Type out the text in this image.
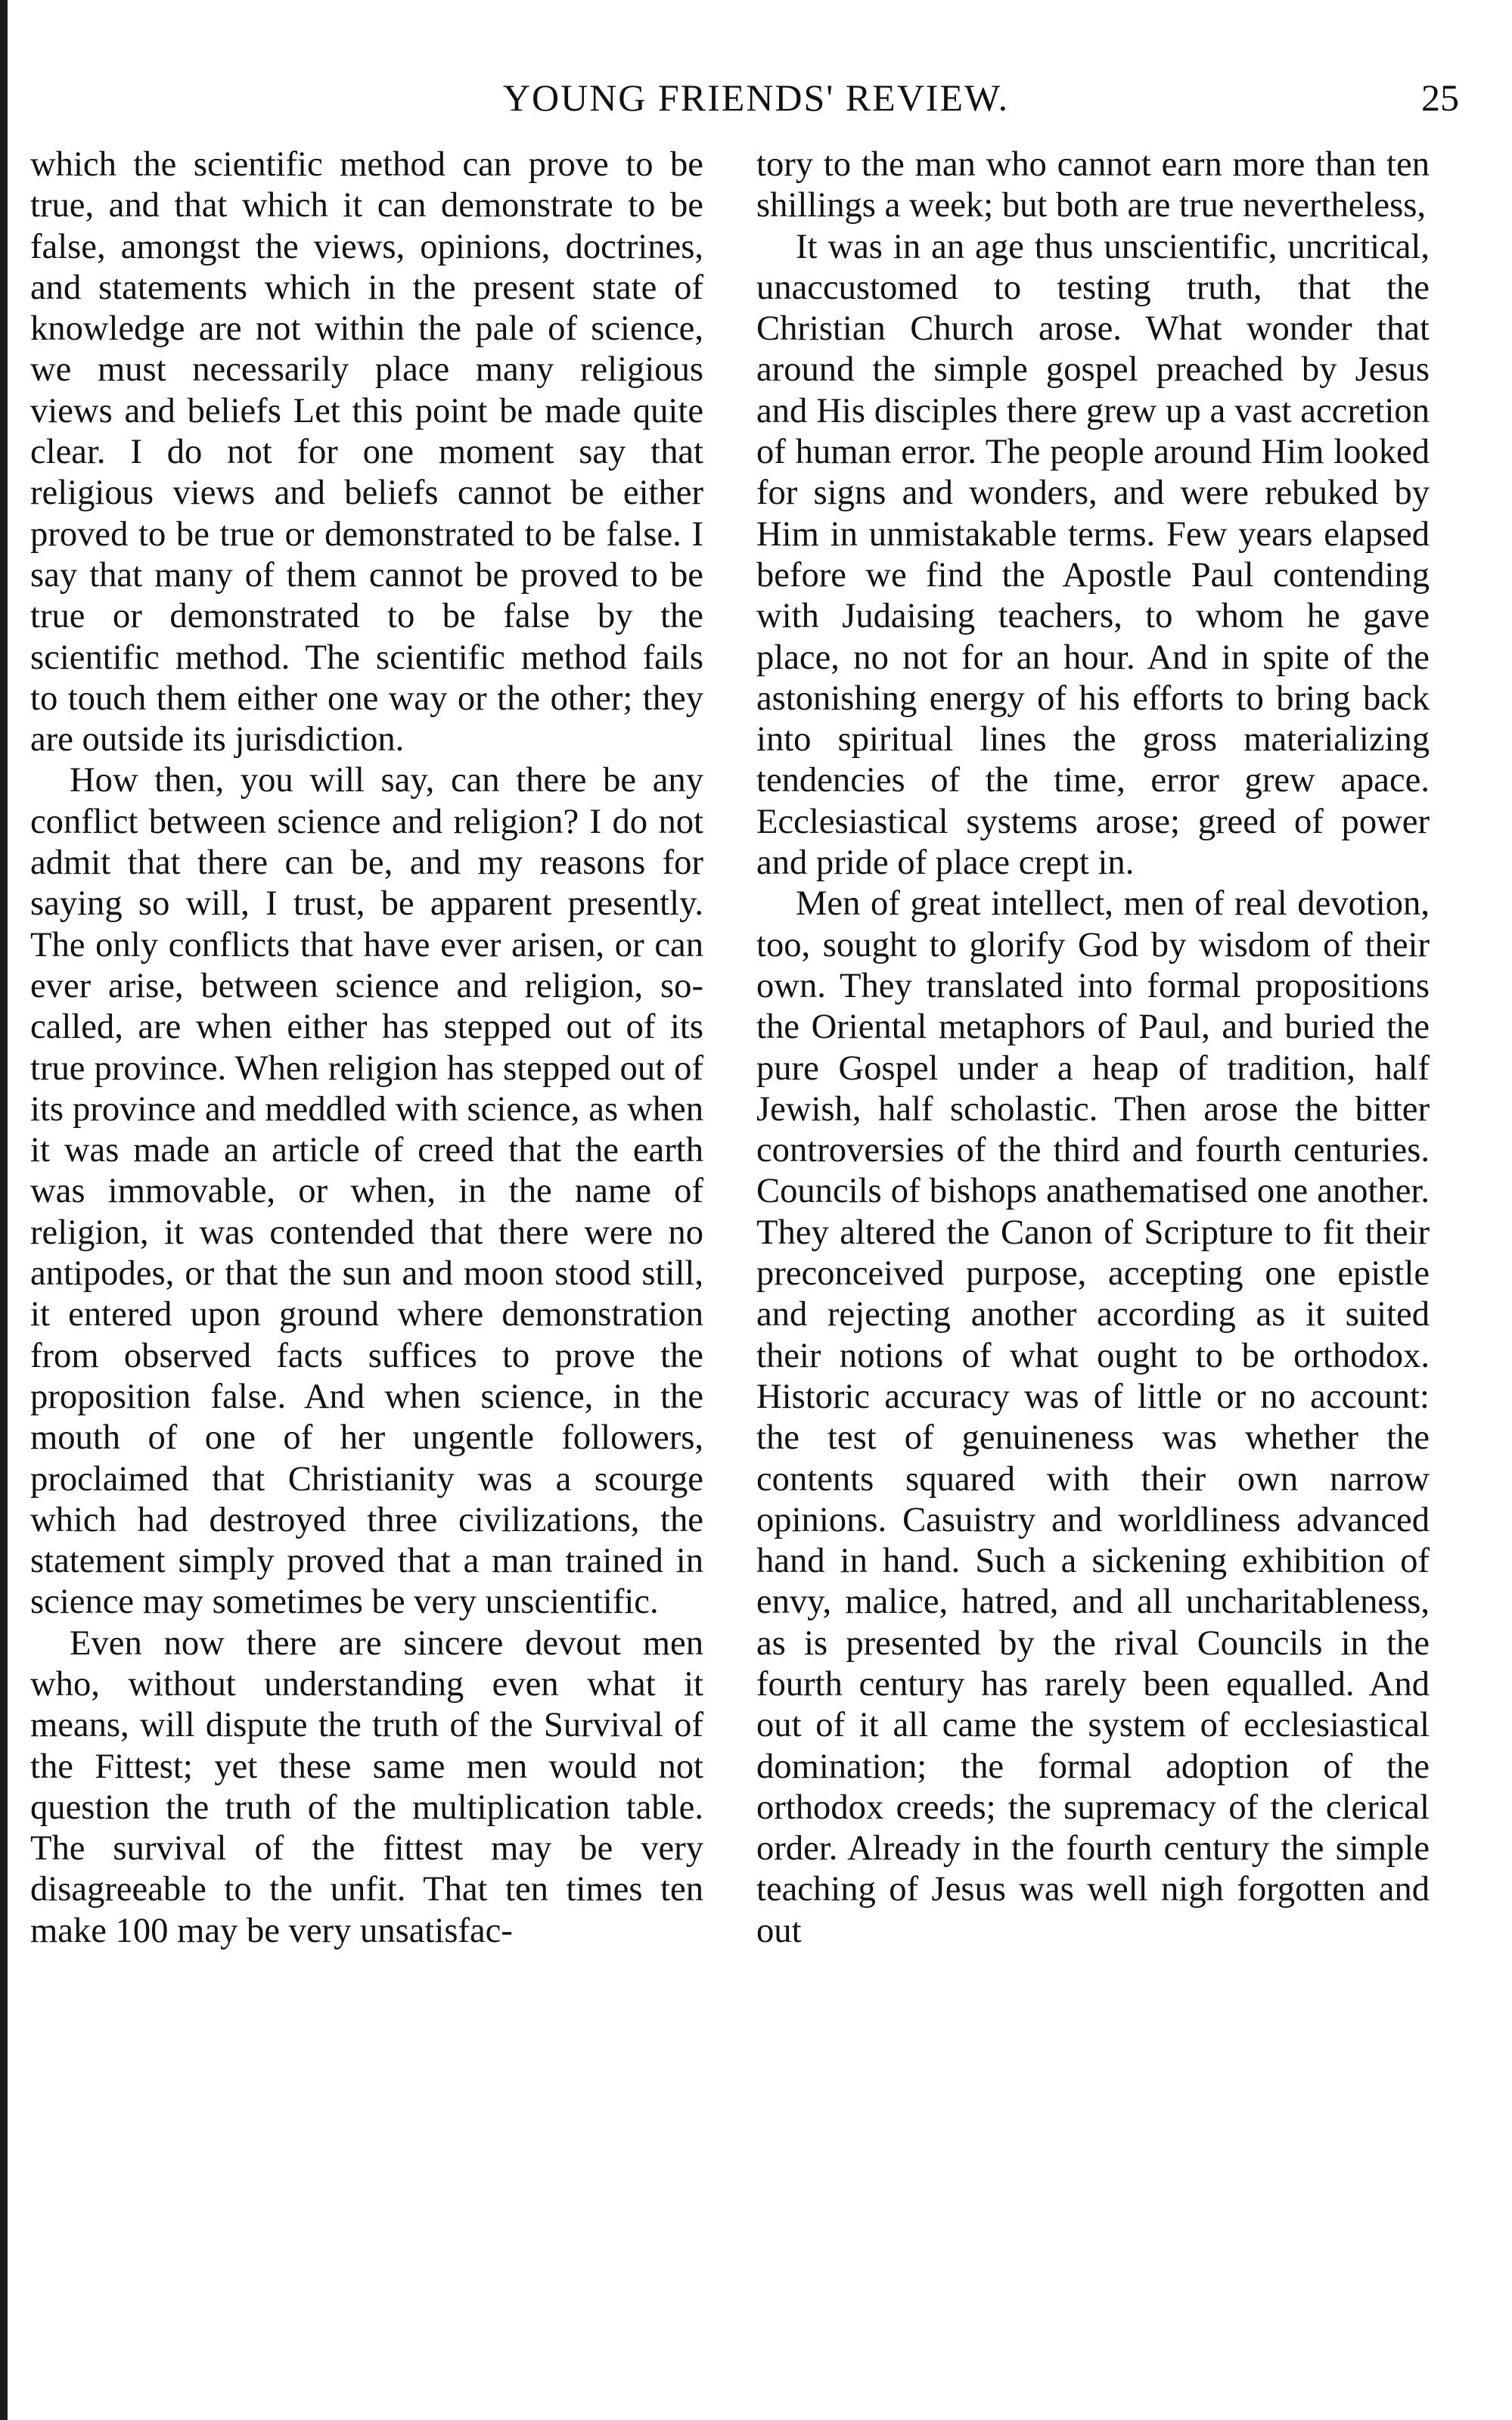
YOUNG FRIENDS' REVIEW.	25

which the scientific method can prove to be true, and that which it can demonstrate to be false, amongst the views, opinions, doctrines, and statements which in the present state of knowledge are not within the pale of science, we must necessarily place many religious views and beliefs Let this point be made quite clear. I do not for one moment say that religious views and beliefs cannot be either proved to be true or demonstrated to be false. I say that many of them cannot be proved to be true or demonstrated to be false by the scientific method. The scientific method fails to touch them either one way or the other; they are outside its jurisdiction.

How then, you will say, can there be any conflict between science and religion? I do not admit that there can be, and my reasons for saying so will, I trust, be apparent presently. The only conflicts that have ever arisen, or can ever arise, between science and religion, so-called, are when either has stepped out of its true province. When religion has stepped out of its province and meddled with science, as when it was made an article of creed that the earth was immovable, or when, in the name of religion, it was contended that there were no antipodes, or that the sun and moon stood still, it entered upon ground where demonstration from observed facts suffices to prove the proposition false. And when science, in the mouth of one of her ungentle followers, proclaimed that Christianity was a scourge which had destroyed three civilizations, the statement simply proved that a man trained in science may sometimes be very unscientific.

Even now there are sincere devout men who, without understanding even what it means, will dispute the truth of the Survival of the Fittest; yet these same men would not question the truth of the multiplication table. The survival of the fittest may be very disagreeable to the unfit. That ten times ten make 100 may be very unsatisfac-

tory to the man who cannot earn more than ten shillings a week; but both are true nevertheless,

It was in an age thus unscientific, uncritical, unaccustomed to testing truth, that the Christian Church arose. What wonder that around the simple gospel preached by Jesus and His disciples there grew up a vast accretion of human error. The people around Him looked for signs and wonders, and were rebuked by Him in unmistakable terms. Few years elapsed before we find the Apostle Paul contending with Judaising teachers, to whom he gave place, no not for an hour. And in spite of the astonishing energy of his efforts to bring back into spiritual lines the gross materializing tendencies of the time, error grew apace. Ecclesiastical systems arose; greed of power and pride of place crept in.

Men of great intellect, men of real devotion, too, sought to glorify God by wisdom of their own. They translated into formal propositions the Oriental metaphors of Paul, and buried the pure Gospel under a heap of tradition, half Jewish, half scholastic. Then arose the bitter controversies of the third and fourth centuries. Councils of bishops anathematised one another. They altered the Canon of Scripture to fit their preconceived purpose, accepting one epistle and rejecting another according as it suited their notions of what ought to be orthodox. Historic accuracy was of little or no account: the test of genuineness was whether the contents squared with their own narrow opinions. Casuistry and worldliness advanced hand in hand. Such a sickening exhibition of envy, malice, hatred, and all uncharitableness, as is presented by the rival Councils in the fourth century has rarely been equalled. And out of it all came the system of ecclesiastical domination; the formal adoption of the orthodox creeds; the supremacy of the clerical order. Already in the fourth century the simple teaching of Jesus was well nigh forgotten and out
